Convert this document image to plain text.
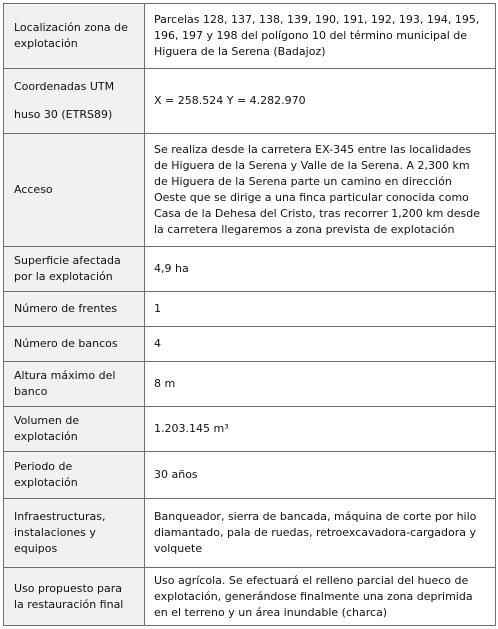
Localización zona de explotación	Parcelas 128, 137, 138, 139, 190, 191, 192, 193, 194, 195, 196, 197 y 198 del polígono 10 del término municipal de Higuera de la Serena (Badajoz)

Coordenadas UTM
huso 30 (ETRS89)	X = 258.524 Y = 4.282.970
Acceso	Se realiza desde la carretera EX-345 entre las localidades de Higuera de la Serena y Valle de la Serena. A 2,300 km de Higuera de la Serena parte un camino en dirección Oeste que se dirige a una finca particular conocida como Casa de la Dehesa del Cristo, tras recorrer 1,200 km desde la carretera llegaremos a zona prevista de explotación
Superficie afectada por la explotación	4,9 ha
Número de frentes	1
Número de bancos	4
Altura máximo del banco	8 m
Volumen de explotación	1.203.145 m³
Periodo de explotación	30 años
Infraestructuras, instalaciones y equipos	Banqueador, sierra de bancada, máquina de corte por hilo diamantado, pala de ruedas, retroexcavadora-cargadora y volquete
Uso propuesto para la restauración final	Uso agrícola. Se efectuará el relleno parcial del hueco de explotación, generándose finalmente una zona deprimida en el terreno y un área inundable (charca)
